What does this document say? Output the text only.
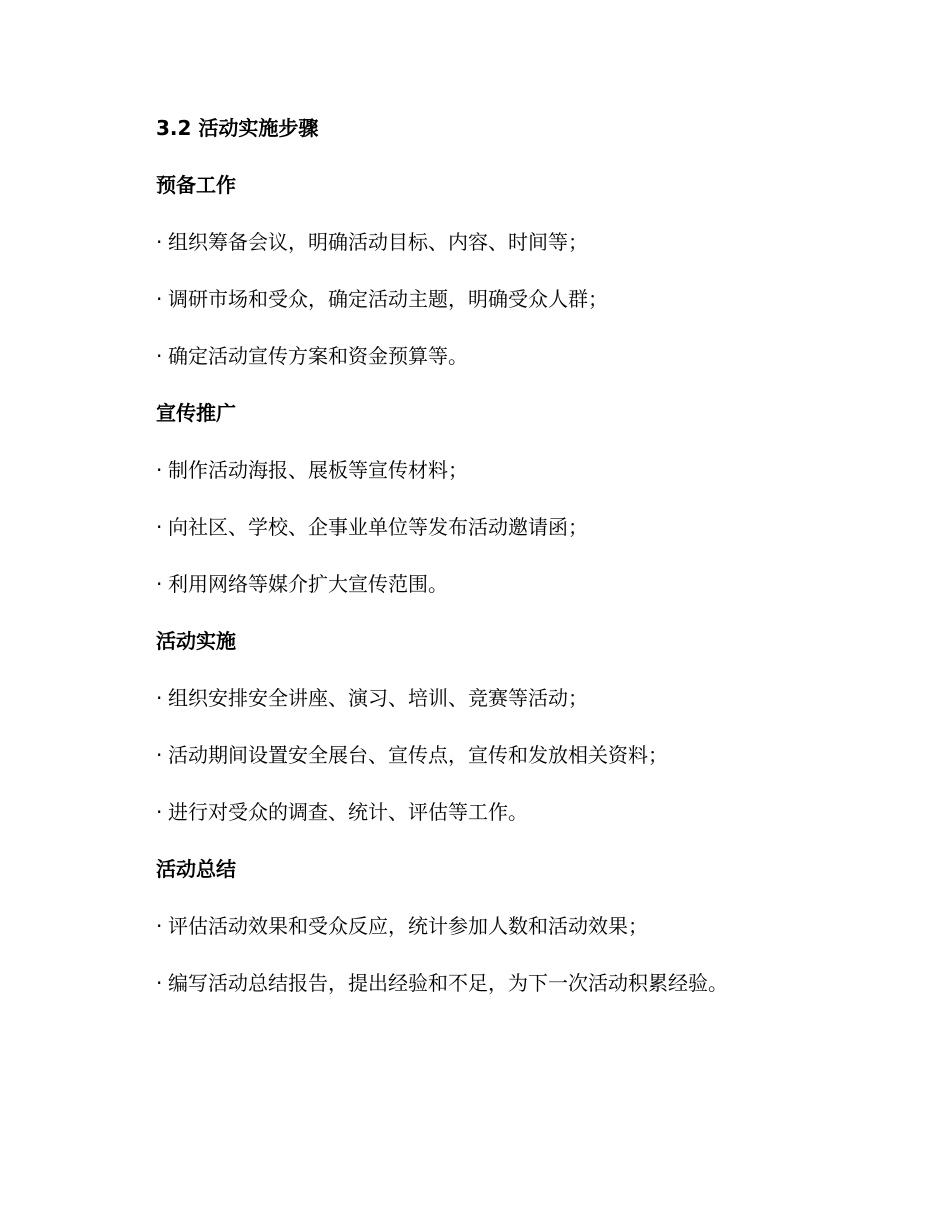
3.2 活动实施步骤
预备工作
· 组织筹备会议，明确活动目标、内容、时间等；
· 调研市场和受众，确定活动主题，明确受众人群；
· 确定活动宣传方案和资金预算等。
宣传推广
· 制作活动海报、展板等宣传材料；
· 向社区、学校、企事业单位等发布活动邀请函；
· 利用网络等媒介扩大宣传范围。
活动实施
· 组织安排安全讲座、演习、培训、竞赛等活动；
· 活动期间设置安全展台、宣传点，宣传和发放相关资料；
· 进行对受众的调查、统计、评估等工作。
活动总结
· 评估活动效果和受众反应，统计参加人数和活动效果；
· 编写活动总结报告，提出经验和不足，为下一次活动积累经验。
